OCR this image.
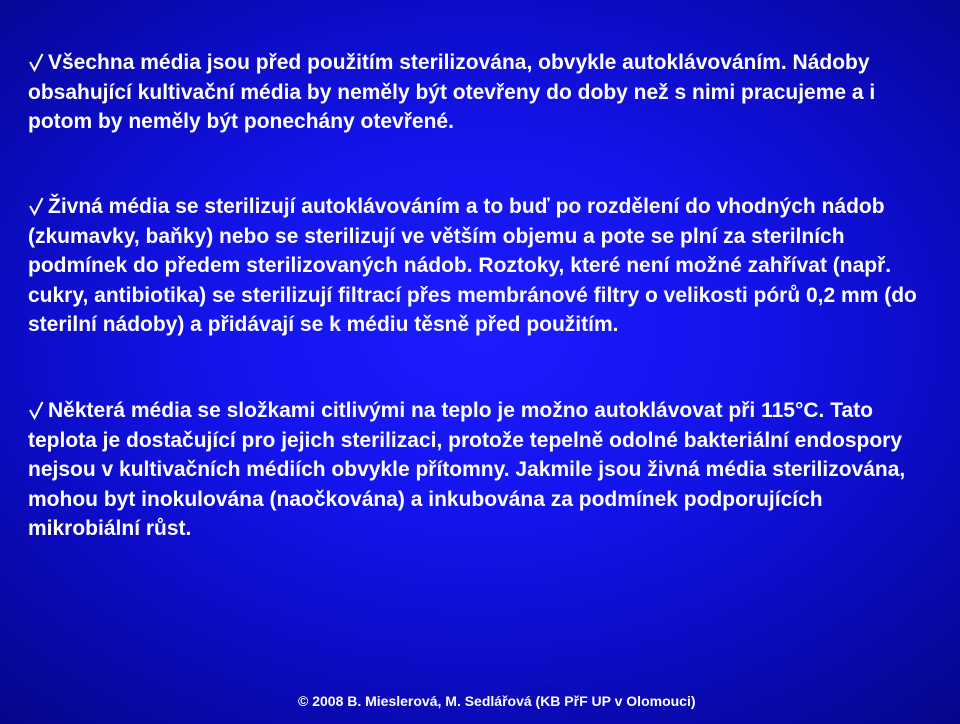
Všechna média jsou před použitím sterilizována, obvykle autoklávováním. Nádoby obsahující kultivační média by neměly být otevřeny do doby než s nimi pracujeme a i potom by neměly být ponechány otevřené.

Živná média se sterilizují autoklávováním a to buď po rozdělení do vhodných nádob (zkumavky, baňky) nebo se sterilizují ve větším objemu a pote se plní za sterilních podmínek do předem sterilizovaných nádob. Roztoky, které není možné zahřívat (např. cukry, antibiotika) se sterilizují filtrací přes membránové filtry o velikosti pórů 0,2 mm (do sterilní nádoby) a přidávají se k médiu těsně před použitím.

Některá média se složkami citlivými na teplo je možno autoklávovat při 115°C. Tato teplota je dostačující pro jejich sterilizaci, protože tepelně odolné bakteriální endospory nejsou v kultivačních médiích obvykle přítomny. Jakmile jsou živná média sterilizována, mohou byt inokulována (naočkována) a inkubována za podmínek podporujících mikrobiální růst.

© 2008 B. Mieslerová, M. Sedlářová (KB PřF UP v Olomouci)
